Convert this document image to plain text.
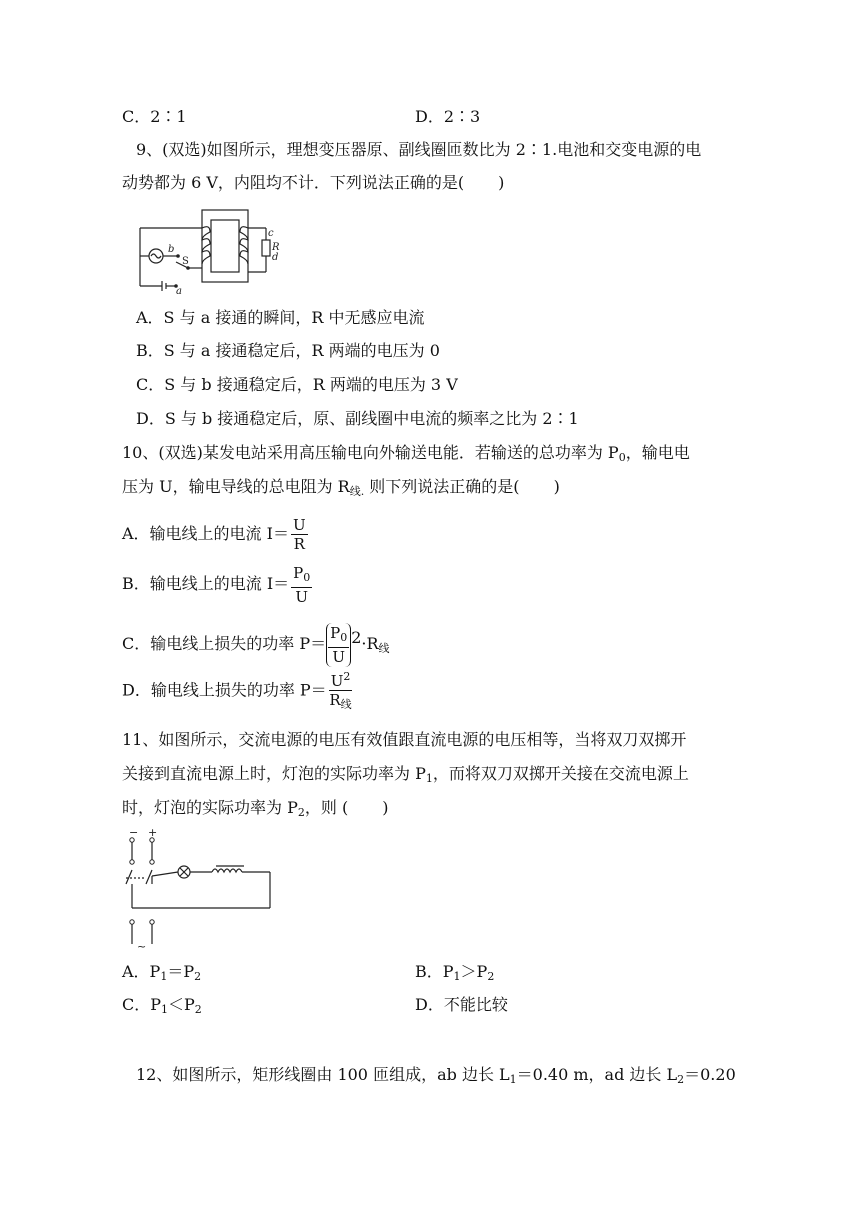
C．2∶1	D．2∶3
9、(双选)如图所示，理想变压器原、副线圈匝数比为 2∶1.电池和交变电源的电
动势都为 6 V，内阻均不计．下列说法正确的是( )
b
S
a
c
R
d
A．S 与 a 接通的瞬间，R 中无感应电流
B．S 与 a 接通稳定后，R 两端的电压为 0
C．S 与 b 接通稳定后，R 两端的电压为 3 V
D．S 与 b 接通稳定后，原、副线圈中电流的频率之比为 2∶1
10、(双选)某发电站采用高压输电向外输送电能．若输送的总功率为 $P_0$，输电电
压为 U，输电导线的总电阻为 $R_{线.}$ 则下列说法正确的是( )
A．输电线上的电流 $I= \frac{U}{R}$
B．输电线上的电流 $I= \frac{P_0}{U}$
C．输电线上损失的功率 $P= \frac{P_0}{U} 2\cdot R_线$
D．输电线上损失的功率 $P= \frac{U^2}{R_线}$
11、如图所示，交流电源的电压有效值跟直流电源的电压相等，当将双刀双掷开
关接到直流电源上时，灯泡的实际功率为 $P_1$，而将双刀双掷开关接在交流电源上
时，灯泡的实际功率为 $P_2$，则 ( )
− +
~
A．$P_1=P_2$	B．$P_1>P_2$
C．$P_1<P_2$	D．不能比较
12、如图所示，矩形线圈由 100 匝组成，ab 边长 $L_1=0.40$ m，ad 边长 $L_2=0.20$
